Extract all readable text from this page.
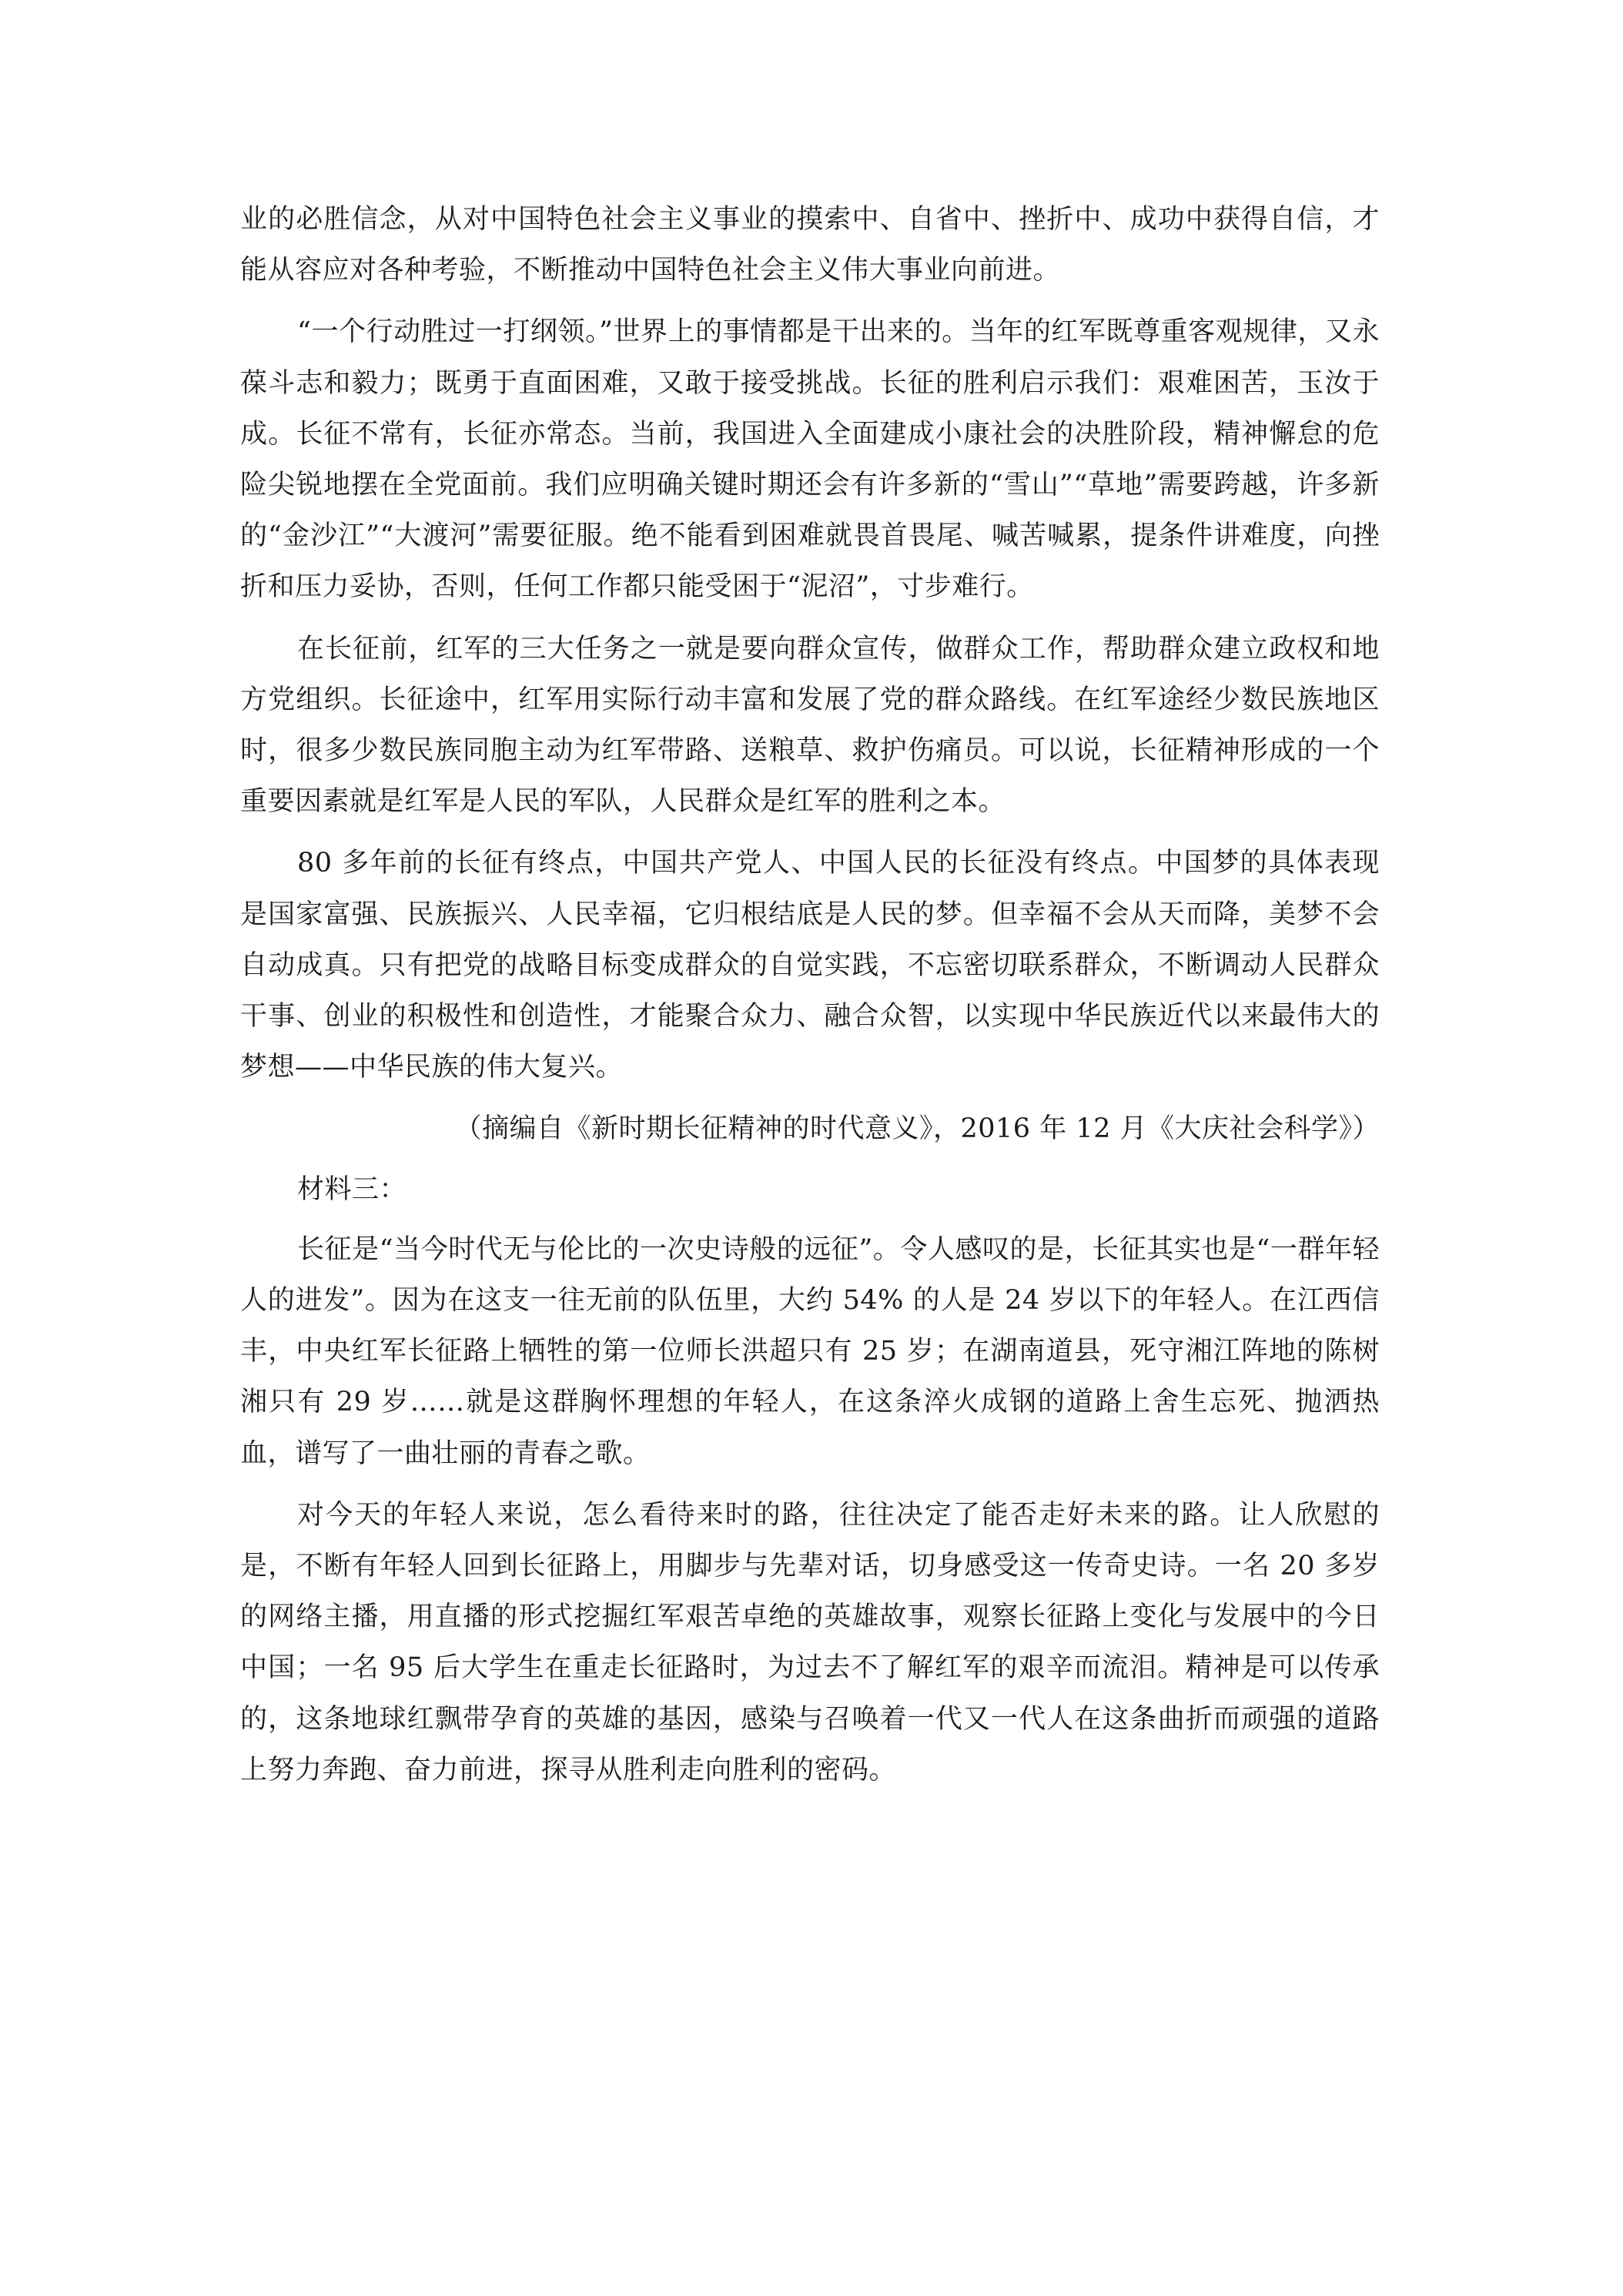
业的必胜信念，从对中国特色社会主义事业的摸索中、自省中、挫折中、成功中获得自信，才能从容应对各种考验，不断推动中国特色社会主义伟大事业向前进。

“一个行动胜过一打纲领。”世界上的事情都是干出来的。当年的红军既尊重客观规律，又永葆斗志和毅力；既勇于直面困难，又敢于接受挑战。长征的胜利启示我们：艰难困苦，玉汝于成。长征不常有，长征亦常态。当前，我国进入全面建成小康社会的决胜阶段，精神懈怠的危险尖锐地摆在全党面前。我们应明确关键时期还会有许多新的“雪山”“草地”需要跨越，许多新的“金沙江”“大渡河”需要征服。绝不能看到困难就畏首畏尾、喊苦喊累，提条件讲难度，向挫折和压力妥协，否则，任何工作都只能受困于“泥沼”，寸步难行。

在长征前，红军的三大任务之一就是要向群众宣传，做群众工作，帮助群众建立政权和地方党组织。长征途中，红军用实际行动丰富和发展了党的群众路线。在红军途经少数民族地区时，很多少数民族同胞主动为红军带路、送粮草、救护伤痛员。可以说，长征精神形成的一个重要因素就是红军是人民的军队，人民群众是红军的胜利之本。

80 多年前的长征有终点，中国共产党人、中国人民的长征没有终点。中国梦的具体表现是国家富强、民族振兴、人民幸福，它归根结底是人民的梦。但幸福不会从天而降，美梦不会自动成真。只有把党的战略目标变成群众的自觉实践，不忘密切联系群众，不断调动人民群众干事、创业的积极性和创造性，才能聚合众力、融合众智，以实现中华民族近代以来最伟大的梦想——中华民族的伟大复兴。

（摘编自《新时期长征精神的时代意义》，2016 年 12 月《大庆社会科学》）

材料三：

长征是“当今时代无与伦比的一次史诗般的远征”。令人感叹的是，长征其实也是“一群年轻人的进发”。因为在这支一往无前的队伍里，大约 54% 的人是 24 岁以下的年轻人。在江西信丰，中央红军长征路上牺牲的第一位师长洪超只有 25 岁；在湖南道县，死守湘江阵地的陈树湘只有 29 岁……就是这群胸怀理想的年轻人，在这条淬火成钢的道路上舍生忘死、抛洒热血，谱写了一曲壮丽的青春之歌。

对今天的年轻人来说，怎么看待来时的路，往往决定了能否走好未来的路。让人欣慰的是，不断有年轻人回到长征路上，用脚步与先辈对话，切身感受这一传奇史诗。一名 20 多岁的网络主播，用直播的形式挖掘红军艰苦卓绝的英雄故事，观察长征路上变化与发展中的今日中国；一名 95 后大学生在重走长征路时，为过去不了解红军的艰辛而流泪。精神是可以传承的，这条地球红飘带孕育的英雄的基因，感染与召唤着一代又一代人在这条曲折而顽强的道路上努力奔跑、奋力前进，探寻从胜利走向胜利的密码。
